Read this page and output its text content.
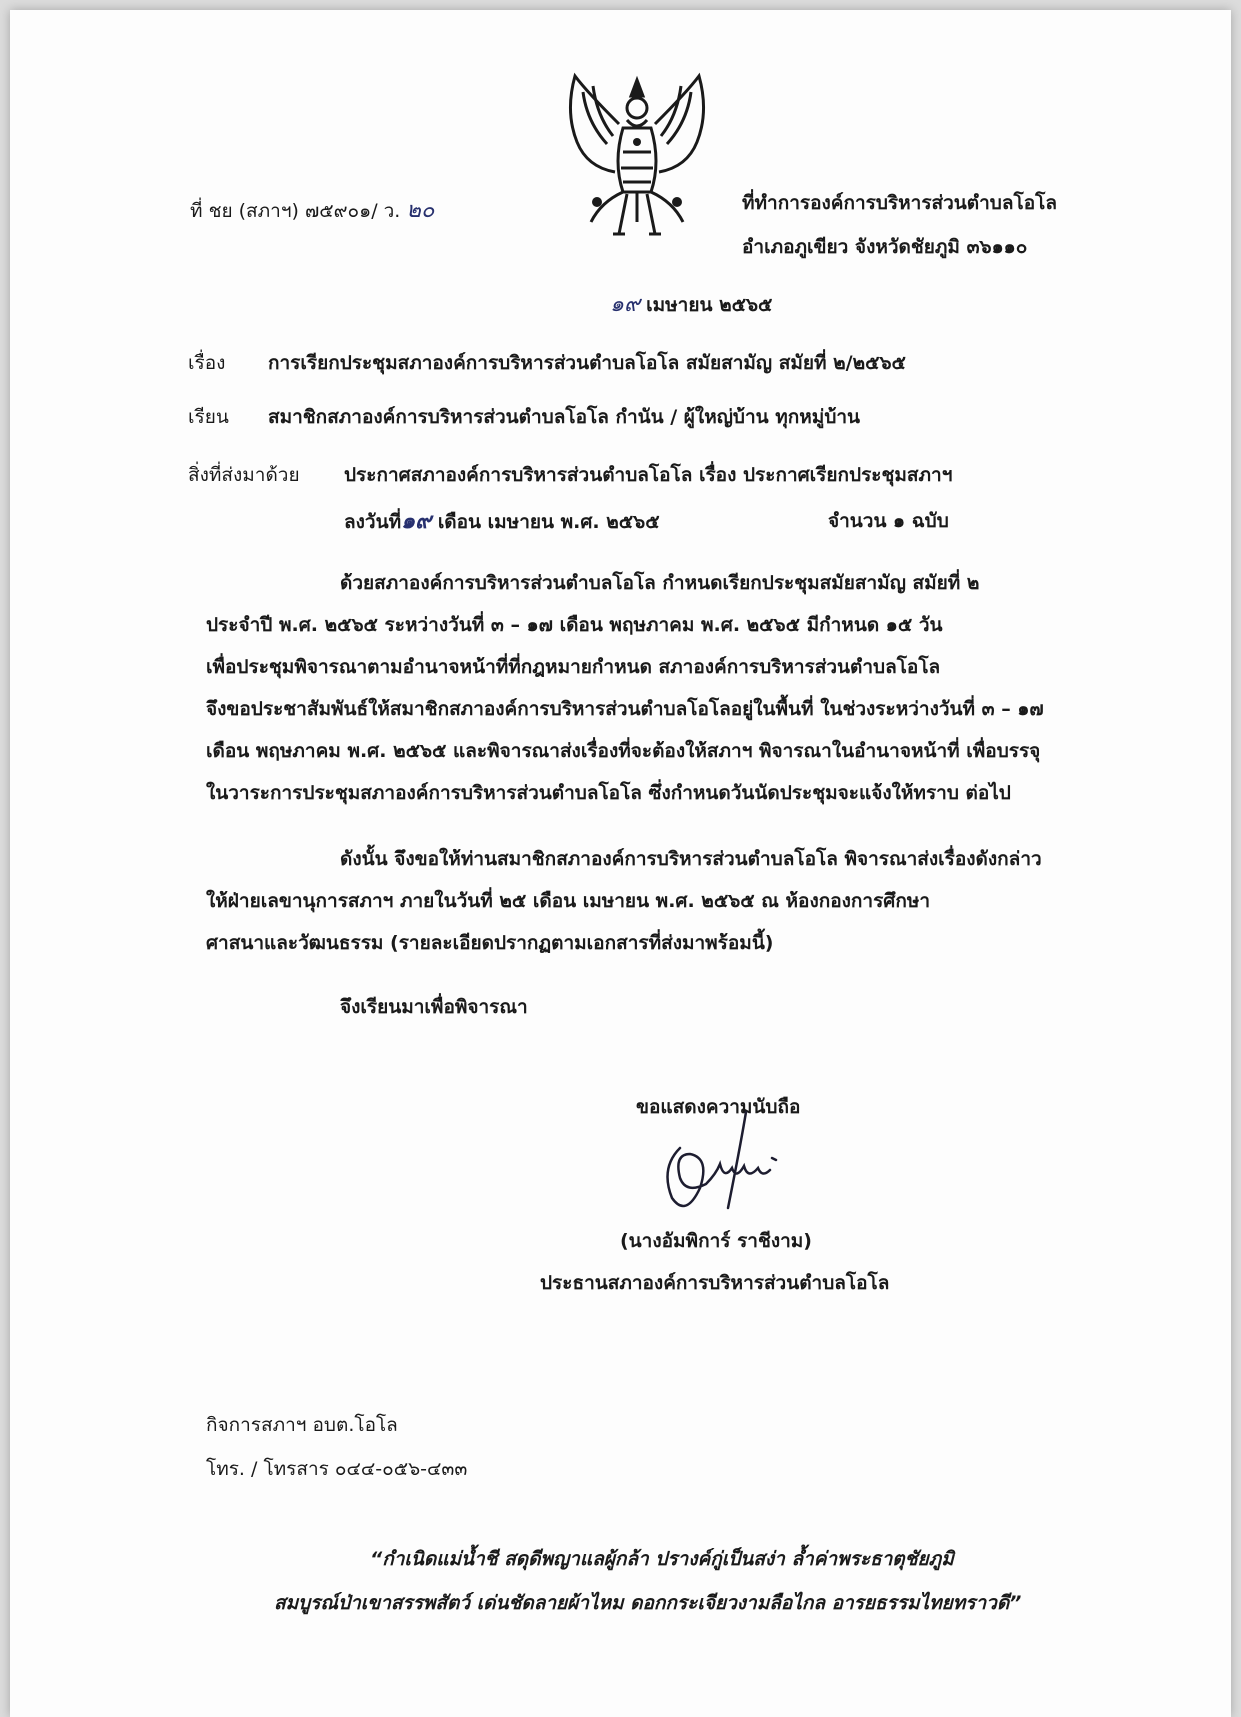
ที่ ชย (สภาฯ) ๗๕๙๐๑/ ว. ๒๐	ที่ทำการองค์การบริหารส่วนตำบลโอโล
อำเภอภูเขียว จังหวัดชัยภูมิ ๓๖๑๑๐
๑๙ เมษายน ๒๕๖๕
เรื่อง การเรียกประชุมสภาองค์การบริหารส่วนตำบลโอโล สมัยสามัญ สมัยที่ ๒/๒๕๖๕
เรียน สมาชิกสภาองค์การบริหารส่วนตำบลโอโล กำนัน / ผู้ใหญ่บ้าน ทุกหมู่บ้าน
สิ่งที่ส่งมาด้วย ประกาศสภาองค์การบริหารส่วนตำบลโอโล เรื่อง ประกาศเรียกประชุมสภาฯ
ลงวันที่๑๙ เดือน เมษายน พ.ศ. ๒๕๖๕	จำนวน ๑ ฉบับ
ด้วยสภาองค์การบริหารส่วนตำบลโอโล กำหนดเรียกประชุมสมัยสามัญ สมัยที่ ๒
ประจำปี พ.ศ. ๒๕๖๕ ระหว่างวันที่ ๓ – ๑๗ เดือน พฤษภาคม พ.ศ. ๒๕๖๕ มีกำหนด ๑๕ วัน
เพื่อประชุมพิจารณาตามอำนาจหน้าที่ที่กฎหมายกำหนด สภาองค์การบริหารส่วนตำบลโอโล
จึงขอประชาสัมพันธ์ให้สมาชิกสภาองค์การบริหารส่วนตำบลโอโลอยู่ในพื้นที่ ในช่วงระหว่างวันที่ ๓ – ๑๗
เดือน พฤษภาคม พ.ศ. ๒๕๖๕ และพิจารณาส่งเรื่องที่จะต้องให้สภาฯ พิจารณาในอำนาจหน้าที่ เพื่อบรรจุ
ในวาระการประชุมสภาองค์การบริหารส่วนตำบลโอโล ซึ่งกำหนดวันนัดประชุมจะแจ้งให้ทราบ ต่อไป
ดังนั้น จึงขอให้ท่านสมาชิกสภาองค์การบริหารส่วนตำบลโอโล พิจารณาส่งเรื่องดังกล่าว
ให้ฝ่ายเลขานุการสภาฯ ภายในวันที่ ๒๕ เดือน เมษายน พ.ศ. ๒๕๖๕ ณ ห้องกองการศึกษา
ศาสนาและวัฒนธรรม (รายละเอียดปรากฏตามเอกสารที่ส่งมาพร้อมนี้)
จึงเรียนมาเพื่อพิจารณา
ขอแสดงความนับถือ
(นางอัมพิการ์ ราชีงาม)
ประธานสภาองค์การบริหารส่วนตำบลโอโล
กิจการสภาฯ อบต.โอโล
โทร. / โทรสาร ๐๔๔-๐๕๖-๔๓๓
“กำเนิดแม่น้ำชี สดุดีพญาแลผู้กล้า ปรางค์กู่เป็นสง่า ล้ำค่าพระธาตุชัยภูมิ
สมบูรณ์ป่าเขาสรรพสัตว์ เด่นชัดลายผ้าไหม ดอกกระเจียวงามลือไกล อารยธรรมไทยทราวดี”
